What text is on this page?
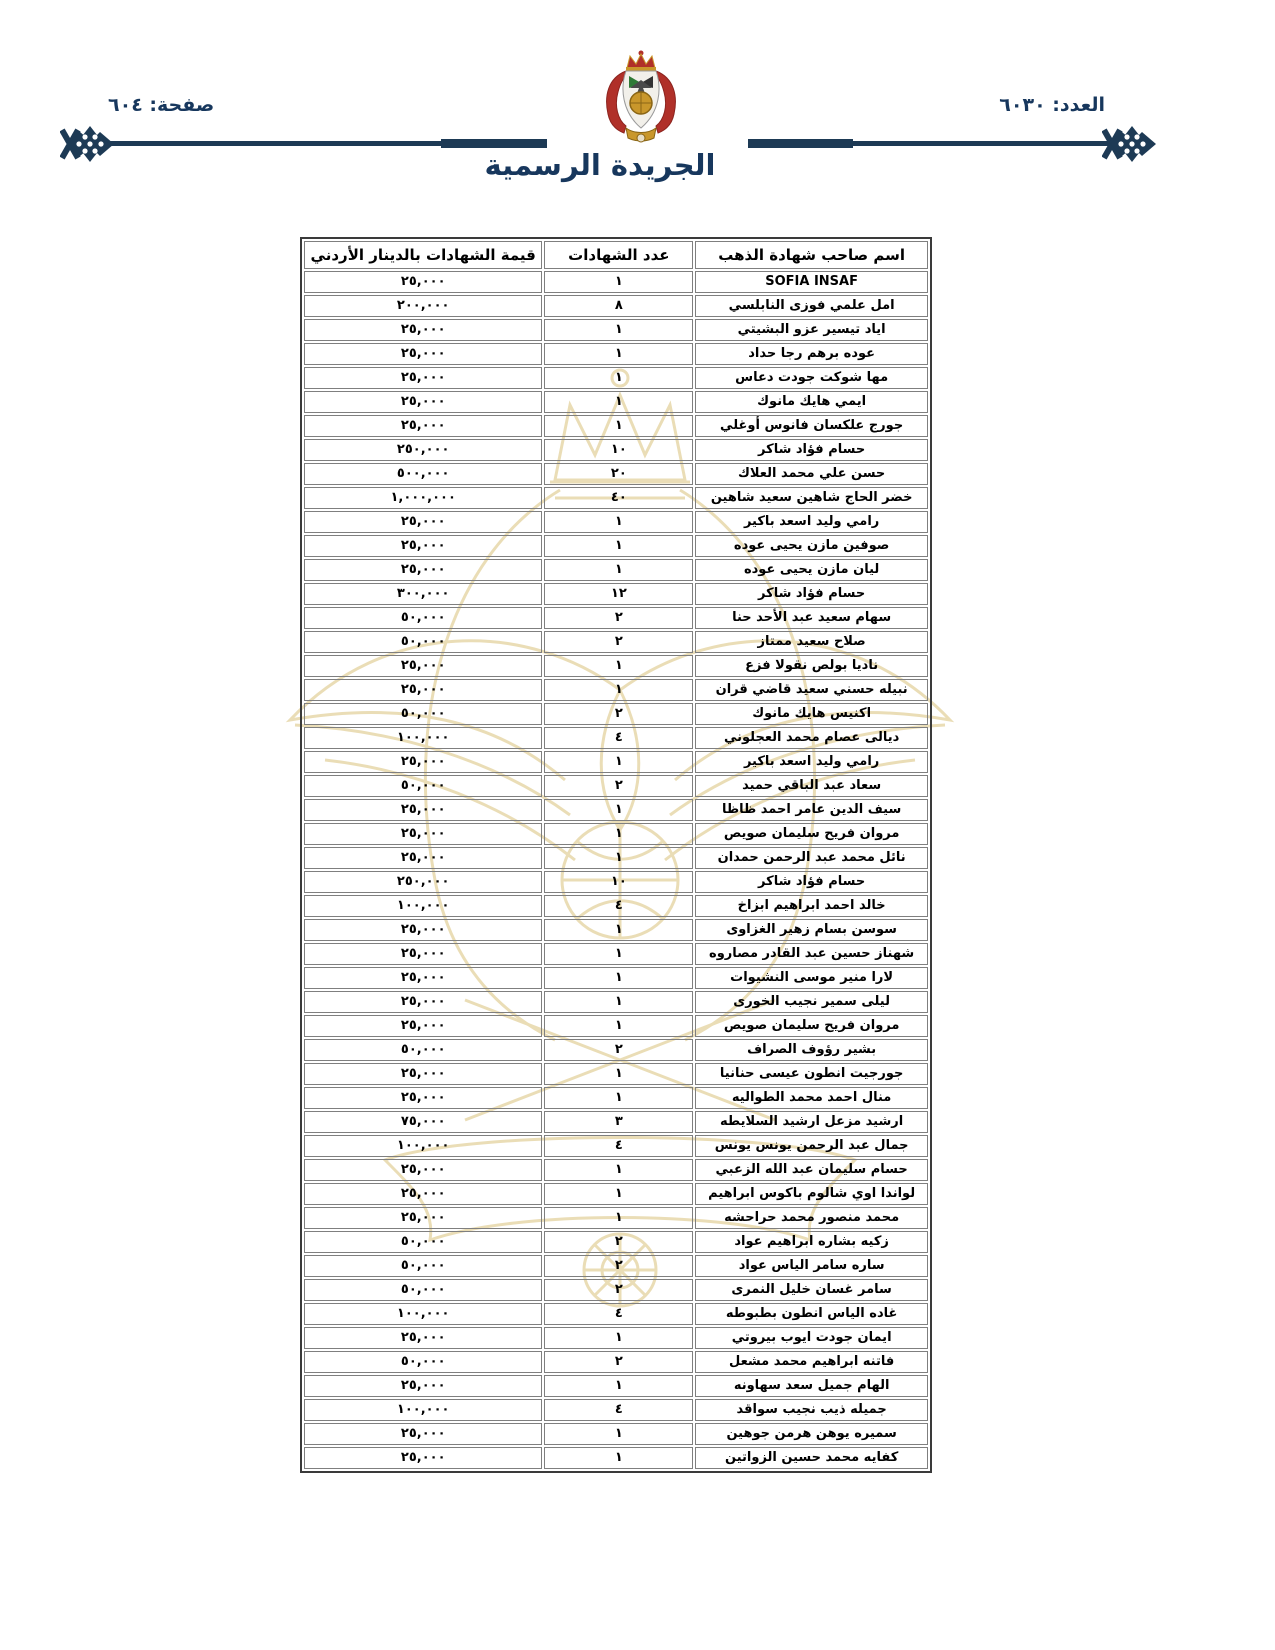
العدد: ٦٠٣٠
صفحة: ٦٠٤
الجريدة الرسمية
اسم صاحب شهادة الذهب	عدد الشهادات	قيمة الشهادات بالدينار الأردني
SOFIA INSAF	١	٢٥,٠٠٠
امل علمي فوزى النابلسي	٨	٢٠٠,٠٠٠
اياد تيسير عزو البشيتي	١	٢٥,٠٠٠
عوده برهم رجا حداد	١	٢٥,٠٠٠
مها شوكت جودت دعاس	١	٢٥,٠٠٠
ايمي هايك مانوك	١	٢٥,٠٠٠
جورج علكسان فانوس أوغلي	١	٢٥,٠٠٠
حسام فؤاد شاكر	١٠	٢٥٠,٠٠٠
حسن علي محمد العلاك	٢٠	٥٠٠,٠٠٠
خضر الحاج شاهين سعيد شاهين	٤٠	١,٠٠٠,٠٠٠
رامي وليد اسعد باكير	١	٢٥,٠٠٠
صوفين مازن يحيى عوده	١	٢٥,٠٠٠
ليان مازن يحيى عوده	١	٢٥,٠٠٠
حسام فؤاد شاكر	١٢	٣٠٠,٠٠٠
سهام سعيد عبد الأحد حنا	٢	٥٠,٠٠٠
صلاح سعيد ممتاز	٢	٥٠,٠٠٠
ناديا بولص نقولا فزع	١	٢٥,٠٠٠
نبيله حسني سعيد قاضي قران	١	٢٥,٠٠٠
اكنيس هايك مانوك	٢	٥٠,٠٠٠
ديالى عصام محمد العجلوني	٤	١٠٠,٠٠٠
رامي وليد اسعد باكير	١	٢٥,٠٠٠
سعاد عبد الباقي حميد	٢	٥٠,٠٠٠
سيف الدين عامر احمد ظاظا	١	٢٥,٠٠٠
مروان فريح سليمان صويص	١	٢٥,٠٠٠
نائل محمد عبد الرحمن حمدان	١	٢٥,٠٠٠
حسام فؤاد شاكر	١٠	٢٥٠,٠٠٠
خالد احمد ابراهيم ابزاخ	٤	١٠٠,٠٠٠
سوسن بسام زهير الغزاوى	١	٢٥,٠٠٠
شهناز حسين عبد القادر مصاروه	١	٢٥,٠٠٠
لارا منير موسى النشيوات	١	٢٥,٠٠٠
ليلى سمير نجيب الخورى	١	٢٥,٠٠٠
مروان فريح سليمان صويص	١	٢٥,٠٠٠
بشير رؤوف الصراف	٢	٥٠,٠٠٠
جورجيت انطون عيسى حنانيا	١	٢٥,٠٠٠
منال احمد محمد الطواليه	١	٢٥,٠٠٠
ارشيد مزعل ارشيد السلايطه	٣	٧٥,٠٠٠
جمال عبد الرحمن يونس يونس	٤	١٠٠,٠٠٠
حسام سليمان عبد الله الزعبي	١	٢٥,٠٠٠
لواندا اوي شالوم باكوس ابراهيم	١	٢٥,٠٠٠
محمد منصور محمد حراحشه	١	٢٥,٠٠٠
زكيه بشاره ابراهيم عواد	٢	٥٠,٠٠٠
ساره سامر الياس عواد	٢	٥٠,٠٠٠
سامر غسان خليل النمرى	٢	٥٠,٠٠٠
غاده الياس انطون بطبوطه	٤	١٠٠,٠٠٠
ايمان جودت ايوب بيروتي	١	٢٥,٠٠٠
فاتنه ابراهيم محمد مشعل	٢	٥٠,٠٠٠
الهام جميل سعد سهاونه	١	٢٥,٠٠٠
جميله ذيب نجيب سواقد	٤	١٠٠,٠٠٠
سميره يوهن هرمن جوهين	١	٢٥,٠٠٠
كفايه محمد حسين الزواتين	١	٢٥,٠٠٠
